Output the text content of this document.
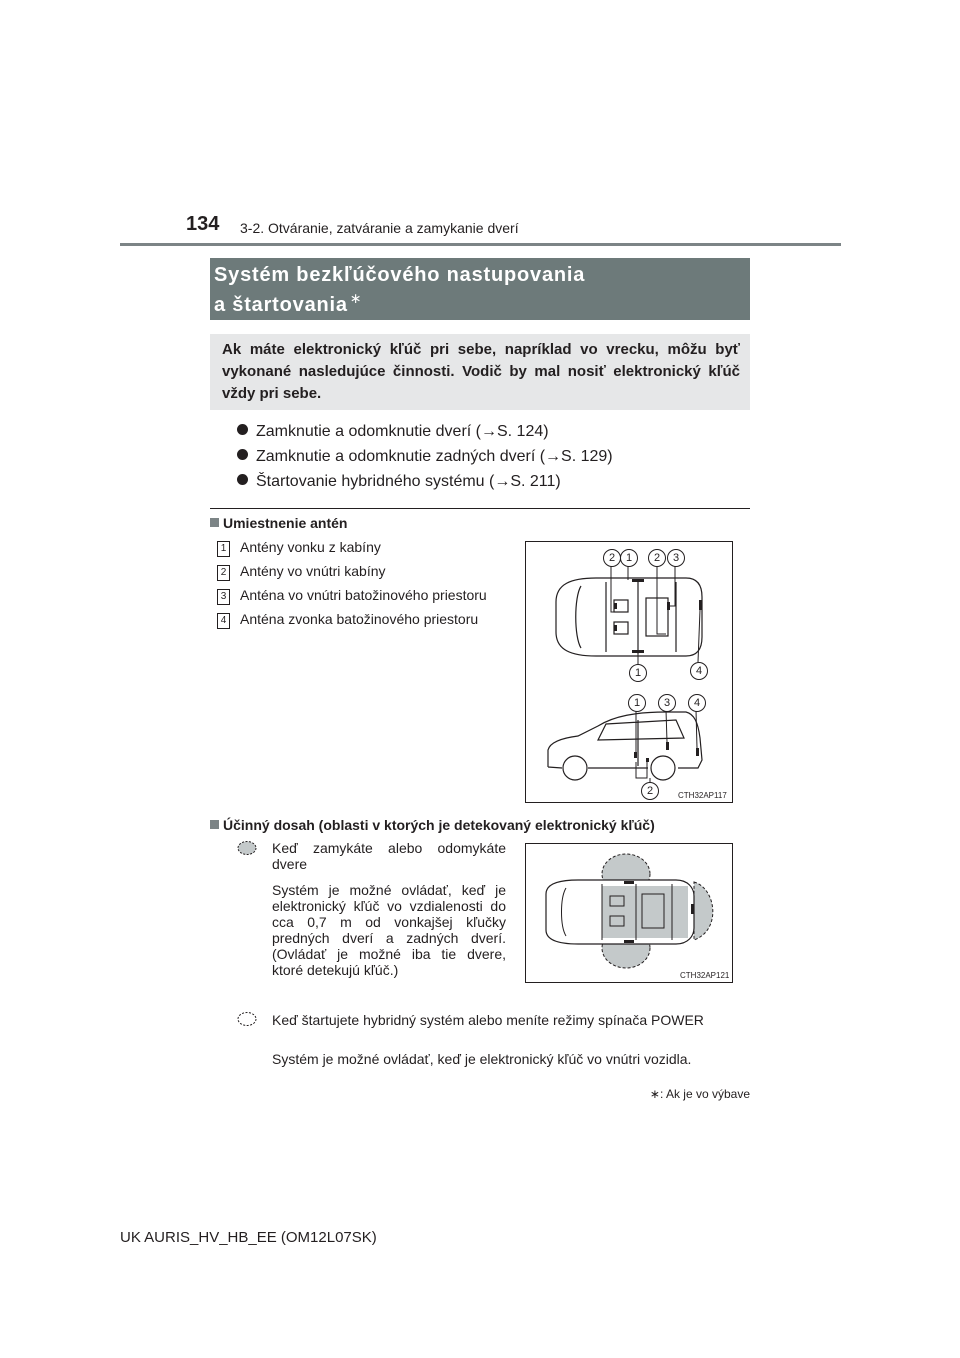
134 3-2. Otváranie, zatváranie a zamykanie dverí
Systém bezkľúčového nastupovania
a štartovania ∗
Ak máte elektronický kľúč pri sebe, napríklad vo vrecku, môžu byť vykonané nasledujúce činnosti. Vodič by mal nosiť elektronický kľúč vždy pri sebe.
Zamknutie a odomknutie dverí (→S. 124)
Zamknutie a odomknutie zadných dverí (→S. 129)
Štartovanie hybridného systému (→S. 211)
Umiestnenie antén
1 Antény vonku z kabíny
2 Antény vo vnútri kabíny
3 Anténa vo vnútri batožinového priestoru
4 Anténa zvonka batožinového priestoru
2 1	2	3
1	4
1	3	4
2	CTH32AP117
Účinný dosah (oblasti v ktorých je detekovaný elektronický kľúč)
Keď zamykáte alebo odomykáte dvere
Systém je možné ovládať, keď je elektronický kľúč vo vzdialenosti do cca 0,7 m od vonkajšej kľučky predných dverí a zadných dverí. (Ovládať je možné iba tie dvere, ktoré detekujú kľúč.)	CTH32AP121
Keď štartujete hybridný systém alebo meníte režimy spínača POWER
Systém je možné ovládať, keď je elektronický kľúč vo vnútri vozidla.
∗: Ak je vo výbave
UK AURIS_HV_HB_EE (OM12L07SK)
